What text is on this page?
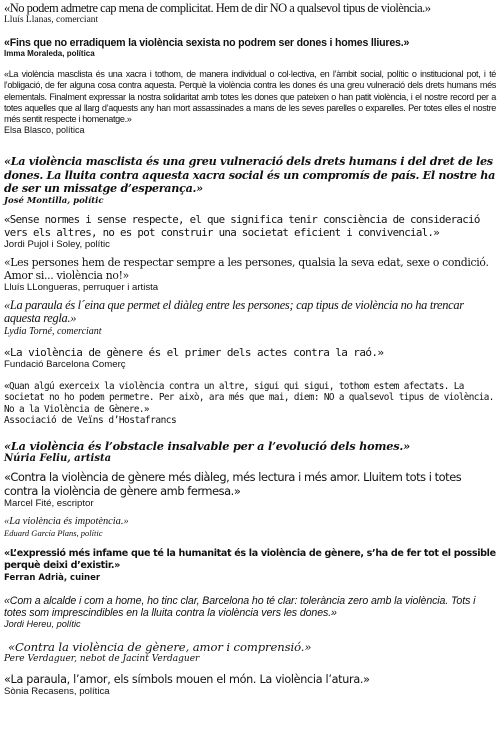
«No podem admetre cap mena de complicitat. Hem de dir NO a qualsevol tipus de violència.»
Lluís Llanas, comerciant
«Fins que no erradiquem la violència sexista no podrem ser dones i homes lliures.»
Imma Moraleda, política
«La violència masclista és una xacra i tothom, de manera individual o col·lectiva, en l’àmbit social, polític o institucional pot, i té l’obligació, de fer alguna cosa contra aquesta. Perquè la violència contra les dones és una greu vulneració dels drets humans més elementals. Finalment expressar la nostra solidaritat amb totes les dones que pateixen o han patit violència, i el nostre record per a totes aquelles que al llarg d’aquests any han mort assassinades a mans de les seves parelles o exparelles. Per totes elles el nostre més sentit respecte i homenatge.»
Elsa Blasco, política
«La violència masclista és una greu vulneració dels drets humans i del dret de les dones. La lluita contra aquesta xacra social és un compromís de país. El nostre ha de ser un missatge d’esperança.»
José Montilla, polític
«Sense normes i sense respecte, el que significa tenir consciència de consideració vers els altres, no es pot construir una societat eficient i convivencial.»
Jordi Pujol i Soley, polític
«Les persones hem de respectar sempre a les persones, qualsia la seva edat, sexe o condició. Amor si... violència no!»
Lluís LLongueras, perruquer i artista
«La paraula és l´eina que permet el diàleg entre les persones; cap tipus de violència no ha trencar aquesta regla.»
Lydia Torné, comerciant
«La violència de gènere és el primer dels actes contra la raó.»
Fundació Barcelona Comerç
«Quan algú exerceix la violència contra un altre, sigui qui sigui, tothom estem afectats. La societat no ho podem permetre. Per això, ara més que mai, diem: NO a qualsevol tipus de violència. No a la Violència de Gènere.»
Associació de Veïns d’Hostafrancs
«La violència és l’obstacle insalvable per a l’evolució dels homes.»
Núria Feliu, artista
«Contra la violència de gènere més diàleg, més lectura i més amor. Lluitem tots i totes contra la violència de gènere amb fermesa.»
Marcel Fité, escriptor
«La violència és impotència.»
Eduard García Plans, polític
«L’expressió més infame que té la humanitat és la violència de gènere, s’ha de fer tot el possible perquè deixi d’existir.»
Ferran Adrià, cuiner
«Com a alcalde i com a home, ho tinc clar, Barcelona ho té clar: tolerància zero amb la violència. Tots i totes som imprescindibles en la lluita contra la violència vers les dones.»
Jordi Hereu, polític
«Contra la violència de gènere, amor i comprensió.»
Pere Verdaguer, nebot de Jacint Verdaguer
«La paraula, l’amor, els símbols mouen el món. La violència l’atura.»
Sònia Recasens, política
